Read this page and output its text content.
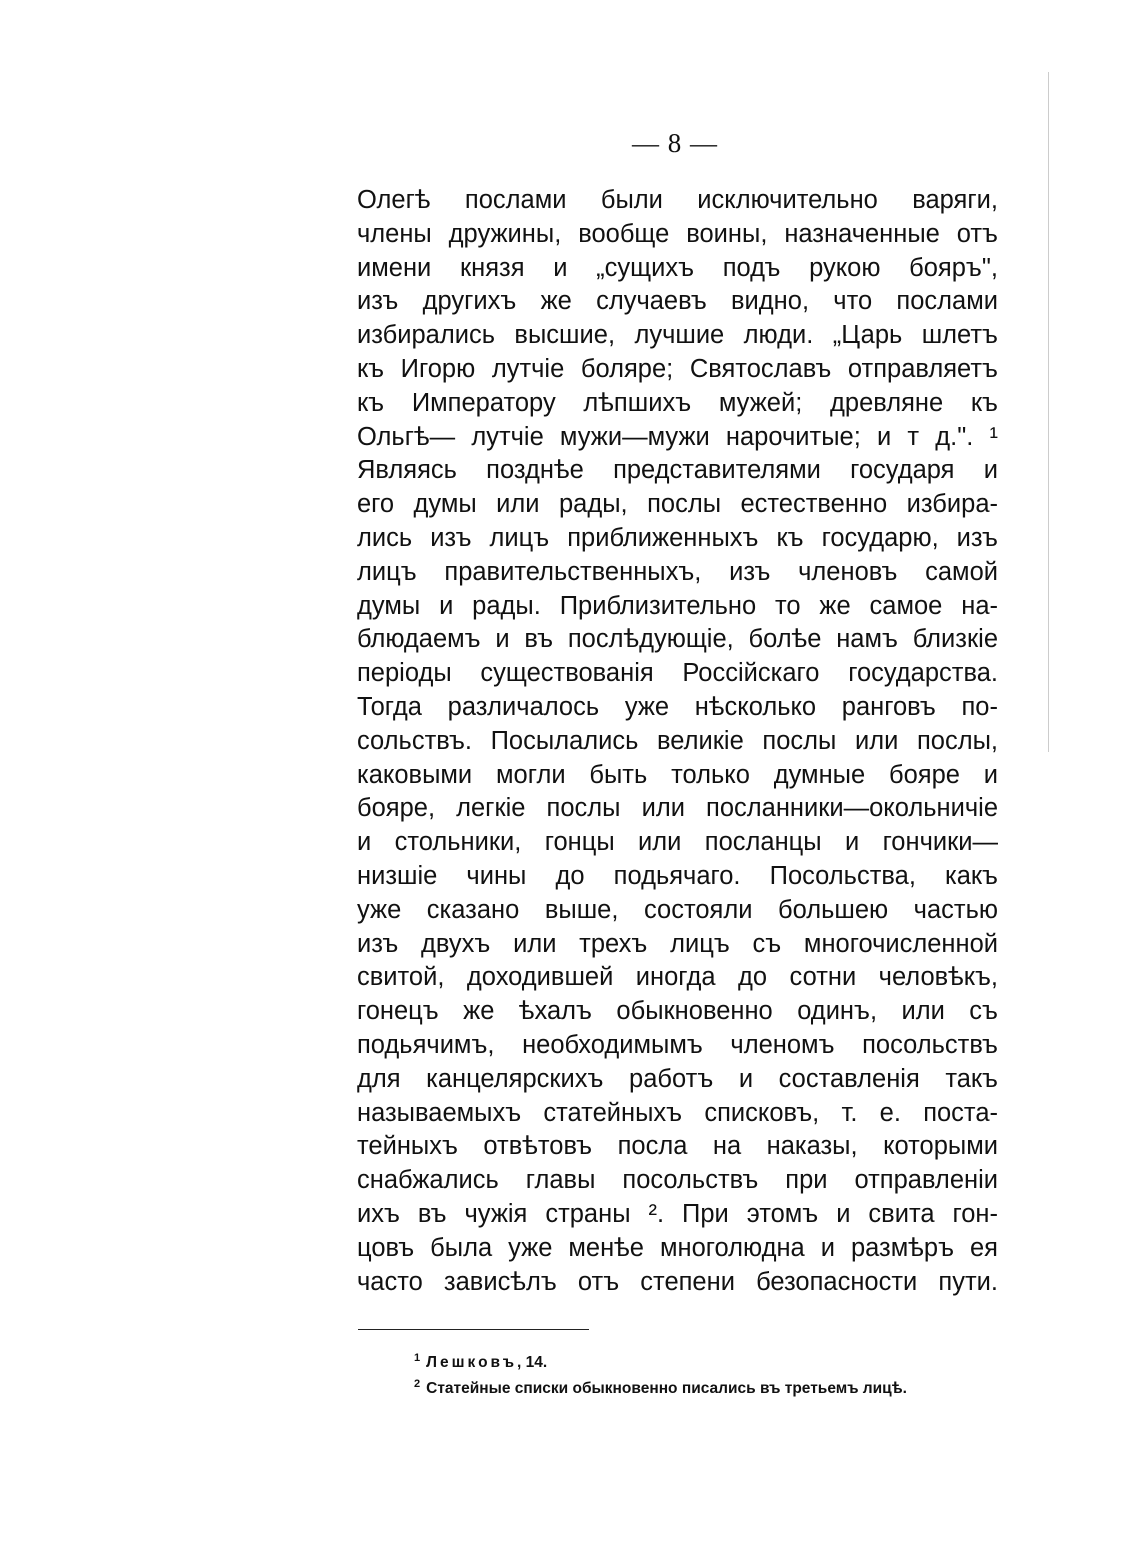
— 8 —
Олегѣ послами были исключительно варяги,
члены дружины, вообще воины, назначенные отъ
имени князя и „сущихъ подъ рукою бояръ",
изъ другихъ же случаевъ видно, что послами
избирались высшие, лучшие люди. „Царь шлетъ
къ Игорю лутчіе боляре; Святославъ отправляетъ
къ Императору лѣпшихъ мужей; древляне къ
Ольгѣ— лутчіе мужи—мужи нарочитые; и т д.". ¹
Являясь позднѣе представителями государя и
его думы или рады, послы естественно избира-
лись изъ лицъ приближенныхъ къ государю, изъ
лицъ правительственныхъ, изъ членовъ самой
думы и рады. Приблизительно то же самое на-
блюдаемъ и въ послѣдующіе, болѣе намъ близкіе
періоды существованія Россійскаго государства.
Тогда различалось уже нѣсколько ранговъ по-
сольствъ. Посылались великіе послы или послы,
каковыми могли быть только думные бояре и
бояре, легкіе послы или посланники—окольничіе
и стольники, гонцы или посланцы и гончики—
низшіе чины до подьячаго. Посольства, какъ
уже сказано выше, состояли большею частью
изъ двухъ или трехъ лицъ съ многочисленной
свитой, доходившей иногда до сотни человѣкъ,
гонецъ же ѣхалъ обыкновенно одинъ, или съ
подьячимъ, необходимымъ членомъ посольствъ
для канцелярскихъ работъ и составленія такъ
называемыхъ статейныхъ списковъ, т. е. поста-
тейныхъ отвѣтовъ посла на наказы, которыми
снабжались главы посольствъ при отправленіи
ихъ въ чужія страны ². При этомъ и свита гон-
цовъ была уже менѣе многолюдна и размѣръ ея
часто зависѣлъ отъ степени безопасности пути.
$^1$ Лешковъ, 14.
$^2$ Статейные списки обыкновенно писались въ третьемъ лицѣ.
